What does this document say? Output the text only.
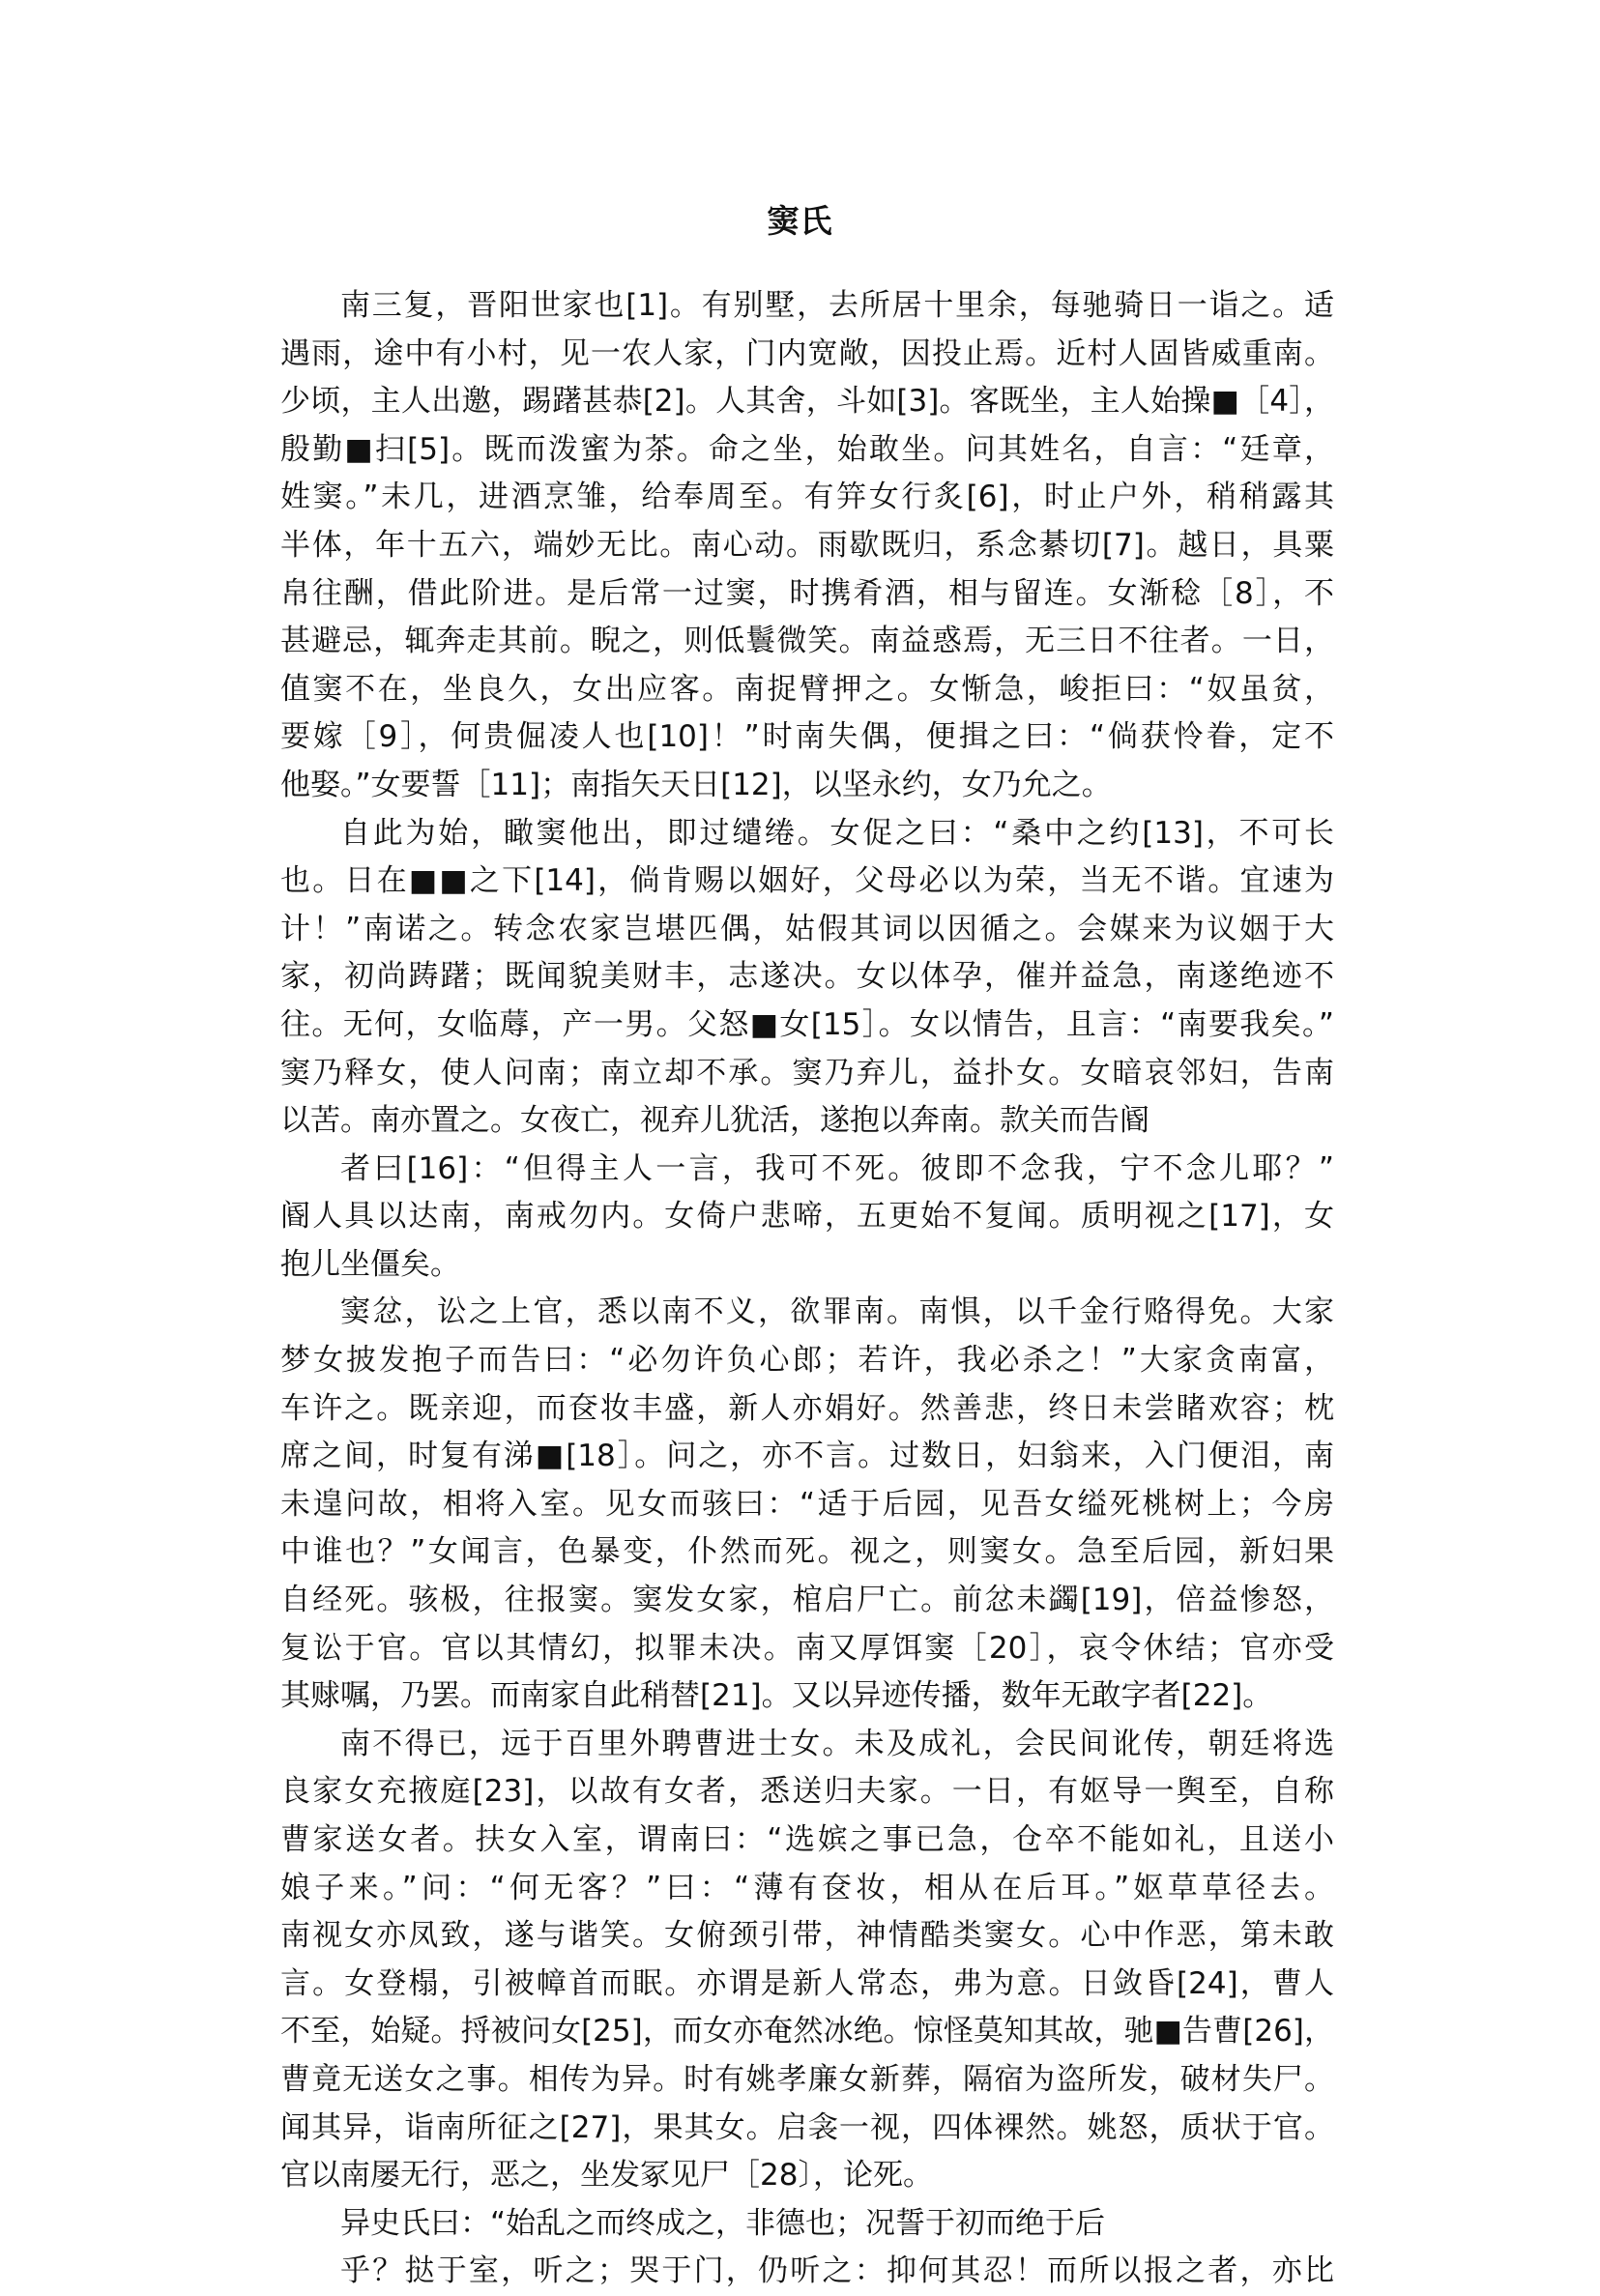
窦氏
南三复，晋阳世家也[1]。有别墅，去所居十里余，每驰骑日一诣之。适
遇雨，途中有小村，见一农人家，门内宽敞，因投止焉。近村人固皆威重南。
少顷，主人出邀，踢躇甚恭[2]。人其舍，斗如[3]。客既坐，主人始操■［4］，
殷勤■扫[5]。既而泼蜜为茶。命之坐，始敢坐。问其姓名，自言：“廷章，
姓窦。”未几，进酒烹雏，给奉周至。有笄女行炙[6]，时止户外，稍稍露其
半体，年十五六，端妙无比。南心动。雨歇既归，系念綦切[7]。越日，具粟
帛往酬，借此阶进。是后常一过窦，时携肴酒，相与留连。女渐稔［8］，不
甚避忌，辄奔走其前。睨之，则低鬟微笑。南益惑焉，无三日不往者。一日，
值窦不在，坐良久，女出应客。南捉臂押之。女惭急，峻拒曰：“奴虽贫，
要嫁［9］，何贵倔凌人也[10]！”时南失偶，便揖之曰：“倘获怜眷，定不
他娶。”女要誓［11]；南指矢天日[12]，以坚永约，女乃允之。
自此为始，瞰窦他出，即过缱绻。女促之曰：“桑中之约[13]，不可长
也。日在■■之下[14]，倘肯赐以姻好，父母必以为荣，当无不谐。宜速为
计！”南诺之。转念农家岂堪匹偶，姑假其词以因循之。会媒来为议姻于大
家，初尚踌躇；既闻貌美财丰，志遂决。女以体孕，催并益急，南遂绝迹不
往。无何，女临蓐，产一男。父怒■女[15］。女以情告，且言：“南要我矣。”
窦乃释女，使人问南；南立却不承。窦乃弃儿，益扑女。女暗哀邻妇，告南
以苦。南亦置之。女夜亡，视弃儿犹活，遂抱以奔南。款关而告阍
者曰[16]：“但得主人一言，我可不死。彼即不念我，宁不念儿耶？”
阍人具以达南，南戒勿内。女倚户悲啼，五更始不复闻。质明视之[17]，女
抱儿坐僵矣。
窦忿，讼之上官，悉以南不义，欲罪南。南惧，以千金行赂得免。大家
梦女披发抱子而告曰：“必勿许负心郎；若许，我必杀之！”大家贪南富，
车许之。既亲迎，而奁妆丰盛，新人亦娟好。然善悲，终日未尝睹欢容；枕
席之间，时复有涕■[18］。问之，亦不言。过数日，妇翁来，入门便泪，南
未遑问故，相将入室。见女而骇曰：“适于后园，见吾女缢死桃树上；今房
中谁也？”女闻言，色暴变，仆然而死。视之，则窦女。急至后园，新妇果
自经死。骇极，往报窦。窦发女家，棺启尸亡。前忿未蠲[19]，倍益惨怒，
复讼于官。官以其情幻，拟罪未决。南又厚饵窦［20］，哀令休结；官亦受
其赇嘱，乃罢。而南家自此稍替[21]。又以异迹传播，数年无敢字者[22]。
南不得已，远于百里外聘曹进士女。未及成礼，会民间讹传，朝廷将选
良家女充掖庭[23]，以故有女者，悉送归夫家。一日，有妪导一舆至，自称
曹家送女者。扶女入室，谓南曰：“选嫔之事已急，仓卒不能如礼，且送小
娘子来。”问：“何无客？”曰：“薄有奁妆，相从在后耳。”妪草草径去。
南视女亦凤致，遂与谐笑。女俯颈引带，神情酷类窦女。心中作恶，第未敢
言。女登榻，引被幛首而眠。亦谓是新人常态，弗为意。日敛昏[24]，曹人
不至，始疑。捋被问女[25]，而女亦奄然冰绝。惊怪莫知其故，驰■告曹[26]，
曹竟无送女之事。相传为异。时有姚孝廉女新葬，隔宿为盗所发，破材失尸。
闻其异，诣南所征之[27]，果其女。启衾一视，四体裸然。姚怒，质状于官。
官以南屡无行，恶之，坐发冢见尸［28〕，论死。
异史氏曰：“始乱之而终成之，非德也；况誓于初而绝于后
乎？挞于室，听之；哭于门，仍听之：抑何其忍！而所以报之者，亦比
